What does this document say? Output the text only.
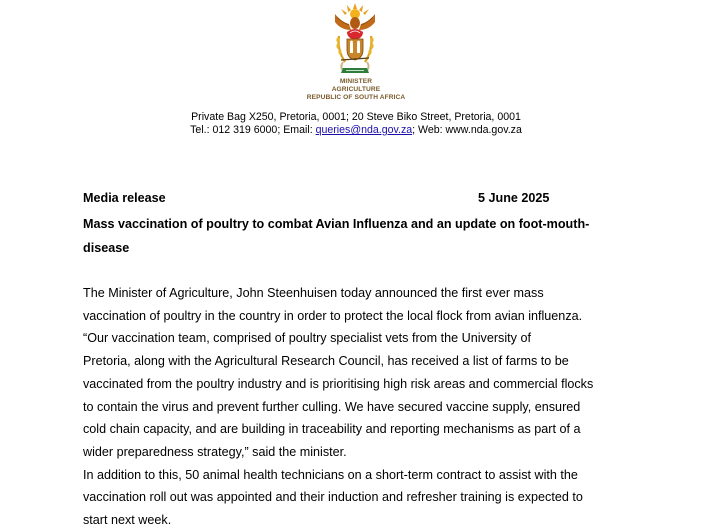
MINISTER
AGRICULTURE
REPUBLIC OF SOUTH AFRICA
Private Bag X250, Pretoria, 0001; 20 Steve Biko Street, Pretoria, 0001
Tel.: 012 319 6000; Email: queries@nda.gov.za; Web: www.nda.gov.za
Media release	5 June 2025
Mass vaccination of poultry to combat Avian Influenza and an update on foot-mouth-
disease
The Minister of Agriculture, John Steenhuisen today announced the first ever mass
vaccination of poultry in the country in order to protect the local flock from avian influenza.
“Our vaccination team, comprised of poultry specialist vets from the University of
Pretoria, along with the Agricultural Research Council, has received a list of farms to be
vaccinated from the poultry industry and is prioritising high risk areas and commercial flocks
to contain the virus and prevent further culling. We have secured vaccine supply, ensured
cold chain capacity, and are building in traceability and reporting mechanisms as part of a
wider preparedness strategy,” said the minister.
In addition to this, 50 animal health technicians on a short-term contract to assist with the
vaccination roll out was appointed and their induction and refresher training is expected to
start next week.
